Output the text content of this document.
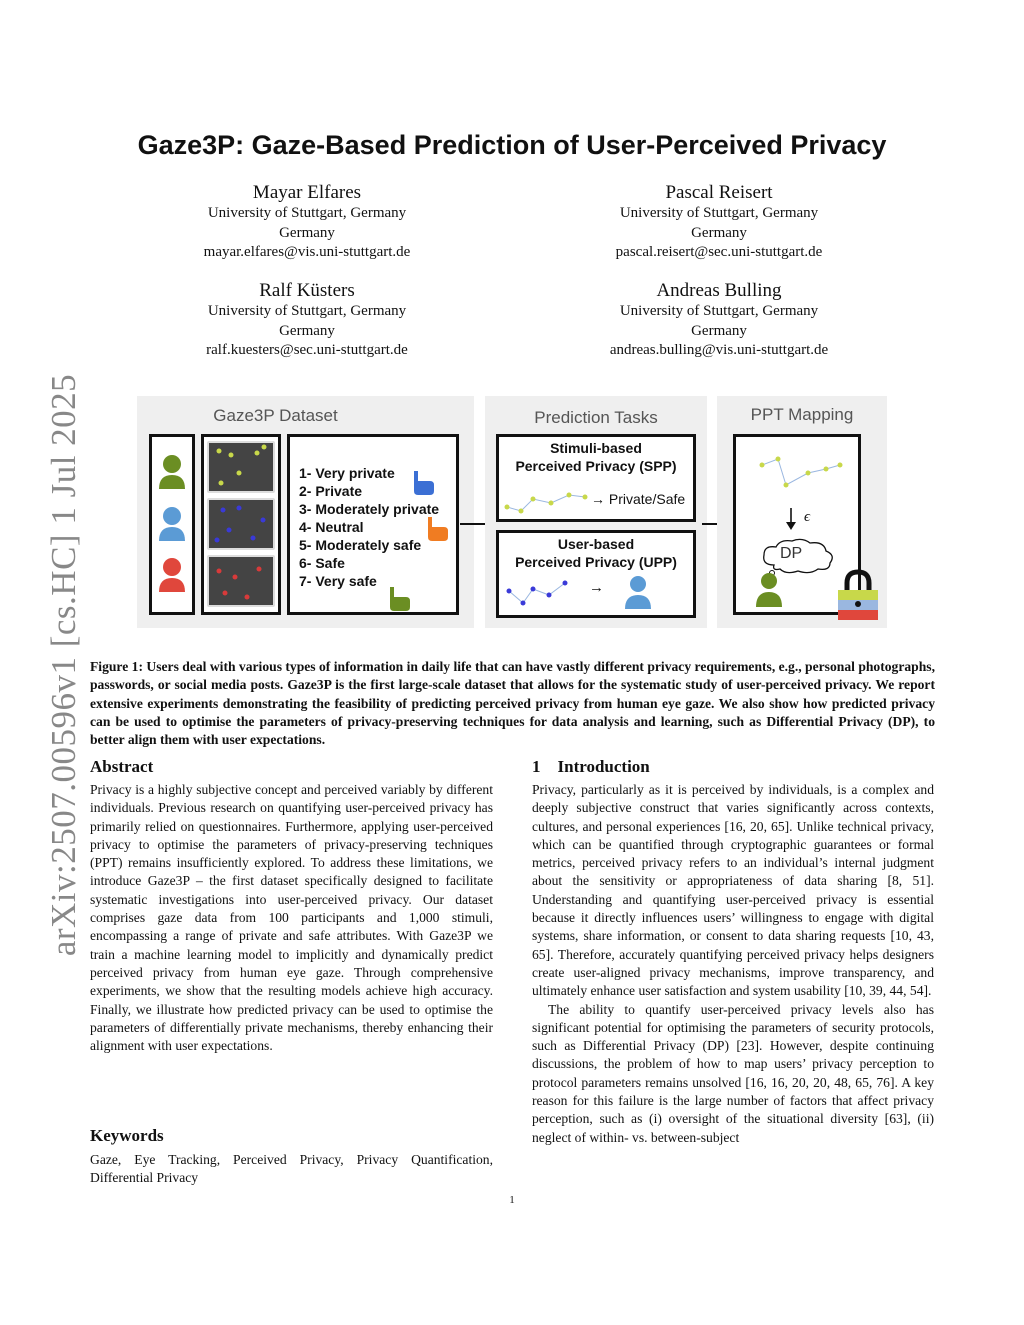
arXiv:2507.00596v1 [cs.HC] 1 Jul 2025
Gaze3P: Gaze-Based Prediction of User-Perceived Privacy
Mayar Elfares
University of Stuttgart, Germany
Germany
mayar.elfares@vis.uni-stuttgart.de
Pascal Reisert
University of Stuttgart, Germany
Germany
pascal.reisert@sec.uni-stuttgart.de
Ralf Küsters
University of Stuttgart, Germany
Germany
ralf.kuesters@sec.uni-stuttgart.de
Andreas Bulling
University of Stuttgart, Germany
Germany
andreas.bulling@vis.uni-stuttgart.de
Gaze3P Dataset
1- Very private
2- Private
3- Moderately private
4- Neutral
5- Moderately safe
6- Safe
7- Very safe
Prediction Tasks
Stimuli-based
Perceived Privacy (SPP)
→ Private/Safe
User-based
Perceived Privacy (UPP)
→
PPT Mapping
ϵ
DP
Figure 1: Users deal with various types of information in daily life that can have vastly different privacy requirements, e.g., personal photographs, passwords, or social media posts. Gaze3P is the first large-scale dataset that allows for the systematic study of user-perceived privacy. We report extensive experiments demonstrating the feasibility of predicting perceived privacy from human eye gaze. We also show how predicted privacy can be used to optimise the parameters of privacy-preserving techniques for data analysis and learning, such as Differential Privacy (DP), to better align them with user expectations.
Abstract

Privacy is a highly subjective concept and perceived variably by different individuals. Previous research on quantifying user-perceived privacy has primarily relied on questionnaires. Furthermore, applying user-perceived privacy to optimise the parameters of privacy-preserving techniques (PPT) remains insufficiently explored. To address these limitations, we introduce Gaze3P – the first dataset specifically designed to facilitate systematic investigations into user-perceived privacy. Our dataset comprises gaze data from 100 participants and 1,000 stimuli, encompassing a range of private and safe attributes. With Gaze3P we train a machine learning model to implicitly and dynamically predict perceived privacy from human eye gaze. Through comprehensive experiments, we show that the resulting models achieve high accuracy. Finally, we illustrate how predicted privacy can be used to optimise the parameters of differentially private mechanisms, thereby enhancing their alignment with user expectations.

Keywords

Gaze, Eye Tracking, Perceived Privacy, Privacy Quantification, Differential Privacy

1 Introduction

Privacy, particularly as it is perceived by individuals, is a complex and deeply subjective construct that varies significantly across contexts, cultures, and personal experiences [16, 20, 65]. Unlike technical privacy, which can be quantified through cryptographic guarantees or formal metrics, perceived privacy refers to an individual’s internal judgment about the sensitivity or appropriateness of data sharing [8, 51]. Understanding and quantifying user-perceived privacy is essential because it directly influences users’ willingness to engage with digital systems, share information, or consent to data sharing requests [10, 43, 65]. Therefore, accurately quantifying perceived privacy helps designers create user-aligned privacy mechanisms, improve transparency, and ultimately enhance user satisfaction and system usability [10, 39, 44, 54].

The ability to quantify user-perceived privacy levels also has significant potential for optimising the parameters of security protocols, such as Differential Privacy (DP) [23]. However, despite continuing discussions, the problem of how to map users’ privacy perception to protocol parameters remains unsolved [16, 16, 20, 20, 48, 65, 76]. A key reason for this failure is the large number of factors that affect privacy perception, such as (i) oversight of the situational diversity [63], (ii) neglect of within- vs. between-subject

1
